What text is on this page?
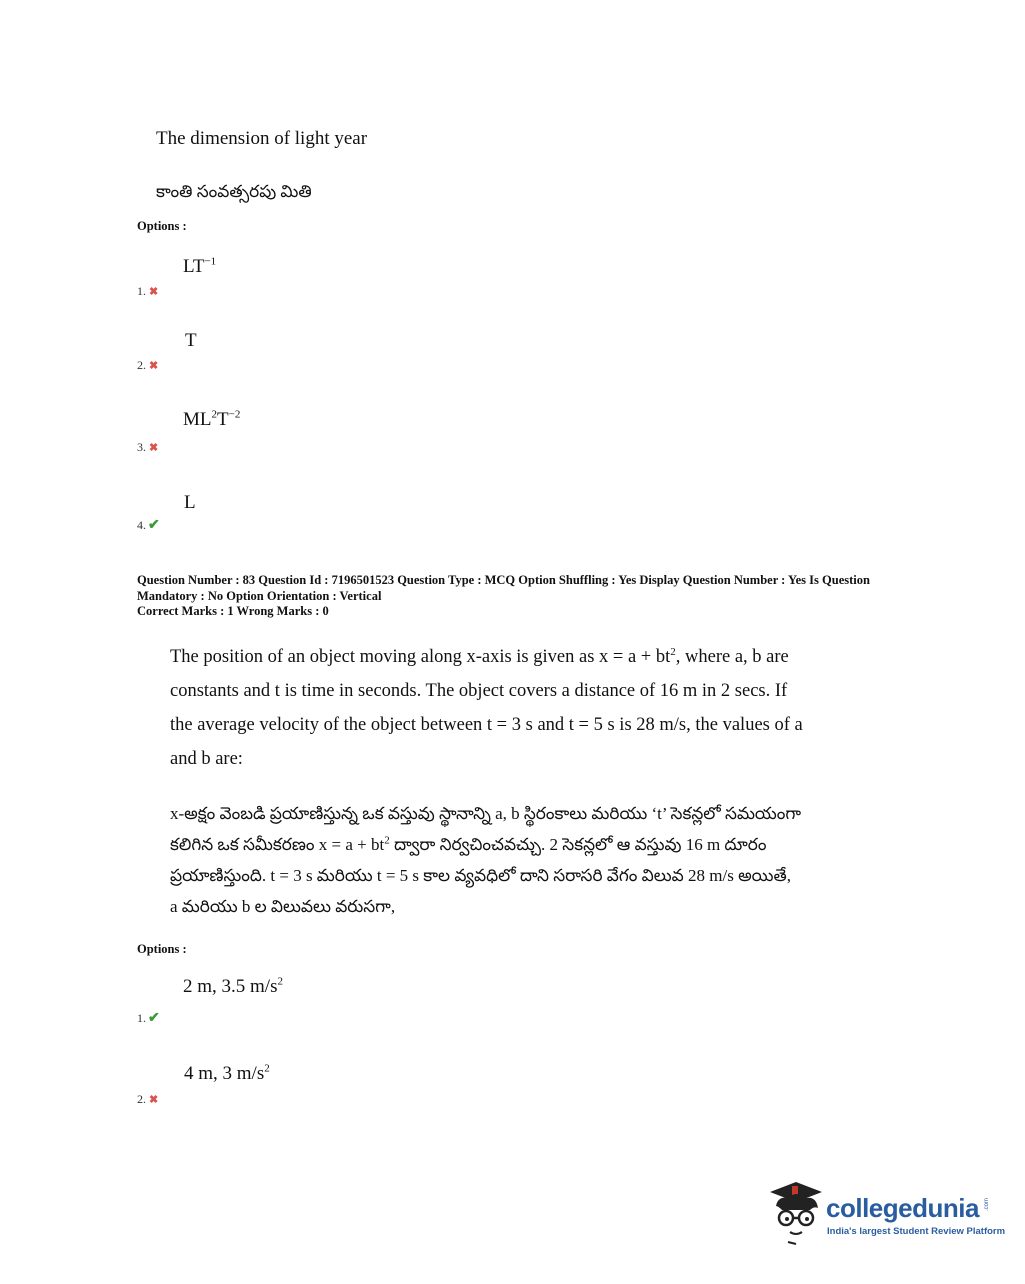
The dimension of light year
కాంతి సంవత్సరపు మితి
Options :
$LT^{-1}$
1. ✖
T
2. ✖
$ML^2T^{-2}$
3. ✖
L
4. ✔
Question Number : 83 Question Id : 7196501523 Question Type : MCQ Option Shuffling : Yes Display Question Number : Yes Is Question
Mandatory : No Option Orientation : Vertical
Correct Marks : 1 Wrong Marks : 0
The position of an object moving along x-axis is given as $x = a + bt^2$, where a, b are
constants and t is time in seconds. The object covers a distance of 16 m in 2 secs. If
the average velocity of the object between t = 3 s and t = 5 s is 28 m/s, the values of a
and b are:
x-అక్షం వెంబడి ప్రయాణిస్తున్న ఒక వస్తువు స్థానాన్ని a, b స్థిరంకాలు మరియు ‘t’ సెకన్లలో సమయంగా
కలిగిన ఒక సమీకరణం $x = a + bt^2$ ద్వారా నిర్వచించవచ్చు. 2 సెకన్లలో ఆ వస్తువు 16 m దూరం
ప్రయాణిస్తుంది. t = 3 s మరియు t = 5 s కాల వ్యవధిలో దాని సరాసరి వేగం విలువ 28 m/s అయితే,
a మరియు b ల విలువలు వరుసగా,
Options :
2 m, 3.5 $m/s^2$
1. ✔
4 m, 3 $m/s^2$
2. ✖
collegedunia .com
India's largest Student Review Platform
